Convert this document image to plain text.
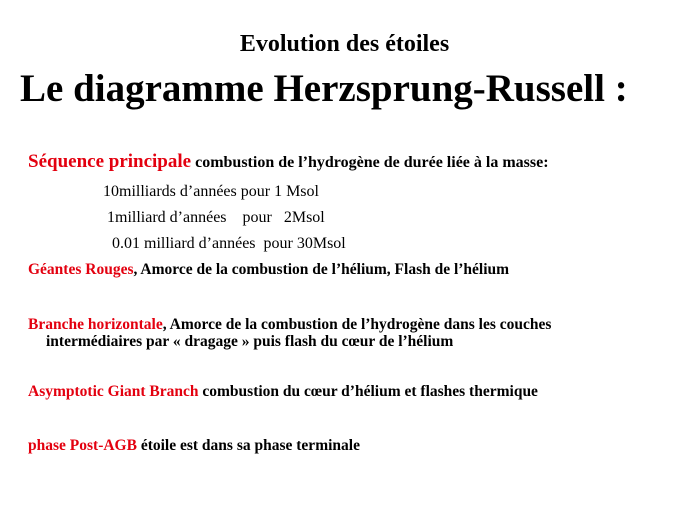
Evolution des étoiles
Le diagramme Herzsprung-Russell :
Séquence principale combustion de l’hydrogène de durée liée à la masse:
10milliards d’années pour 1 Msol
1milliard d’années    pour   2Msol
0.01 milliard d’années  pour 30Msol
Géantes Rouges, Amorce de la combustion de l’hélium, Flash de l’hélium
Branche horizontale, Amorce de la combustion de l’hydrogène dans les couches
intermédiaires par « dragage » puis flash du cœur de l’hélium
Asymptotic Giant Branch combustion du cœur d’hélium et flashes thermique
phase Post-AGB étoile est dans sa phase terminale
